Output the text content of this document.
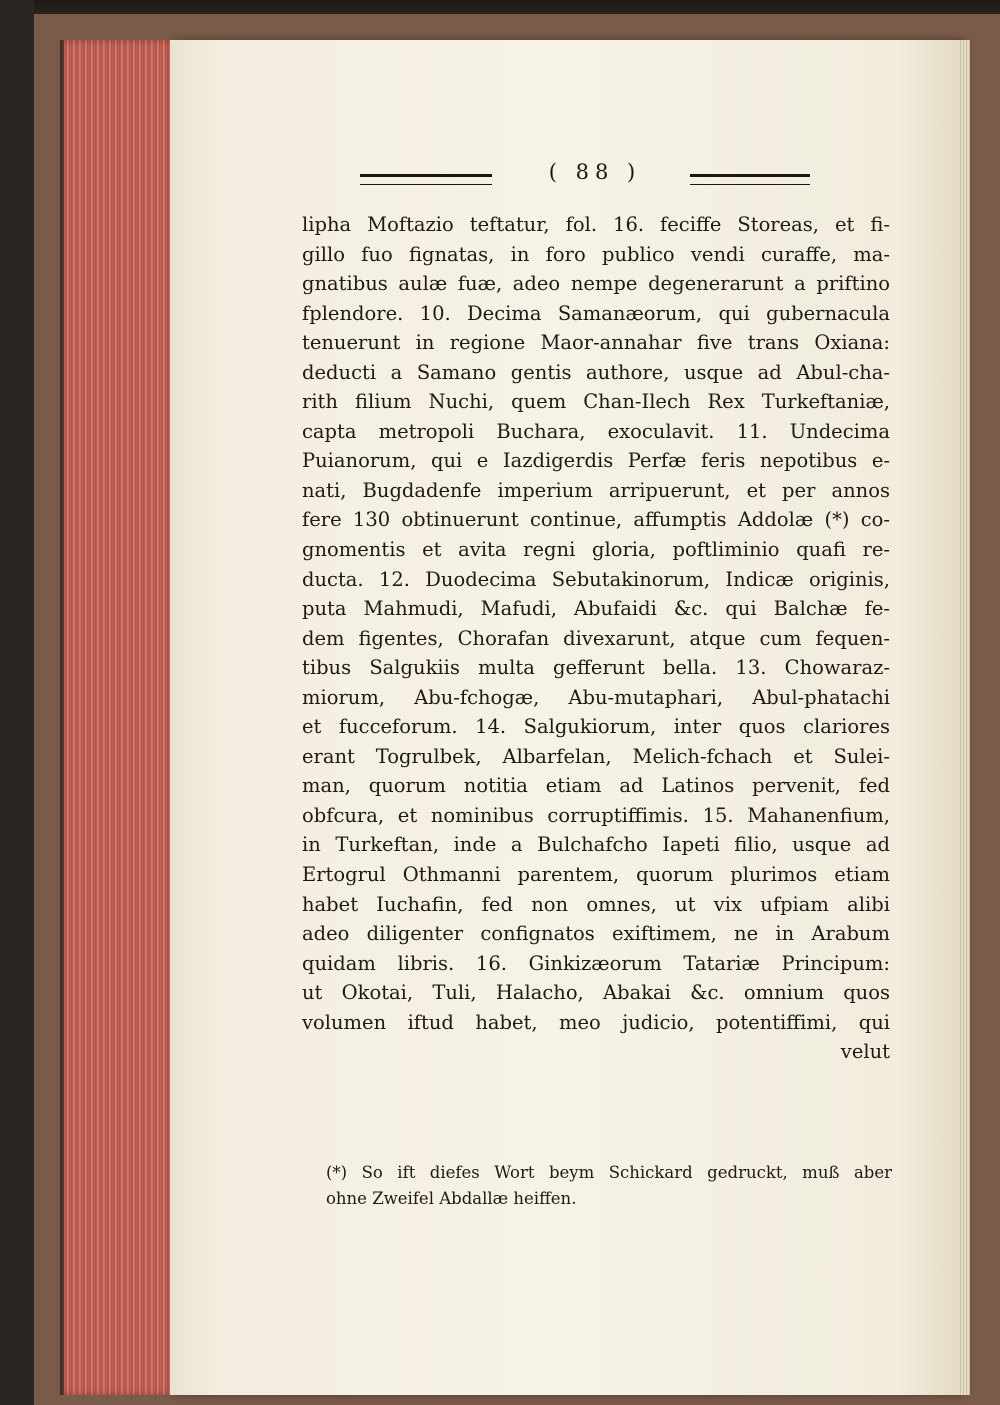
( 88 )
lipha Moftazio teftatur, fol. 16. feciffe Storeas, et fi-
gillo fuo fignatas, in foro publico vendi curaffe, ma-
gnatibus aulæ fuæ, adeo nempe degenerarunt a priftino
fplendore. 10. Decima Samanæorum, qui gubernacula
tenuerunt in regione Maor-annahar five trans Oxiana:
deducti a Samano gentis authore, usque ad Abul-cha-
rith filium Nuchi, quem Chan-Ilech Rex Turkeftaniæ,
capta metropoli Buchara, exoculavit. 11. Undecima
Puianorum, qui e Iazdigerdis Perfæ feris nepotibus e-
nati, Bugdadenfe imperium arripuerunt, et per annos
fere 130 obtinuerunt continue, affumptis Addolæ (*) co-
gnomentis et avita regni gloria, poftliminio quafi re-
ducta. 12. Duodecima Sebutakinorum, Indicæ originis,
puta Mahmudi, Mafudi, Abufaidi &c. qui Balchæ fe-
dem figentes, Chorafan divexarunt, atque cum fequen-
tibus Salgukiis multa gefferunt bella. 13. Chowaraz-
miorum, Abu-fchogæ, Abu-mutaphari, Abul-phatachi
et fucceforum. 14. Salgukiorum, inter quos clariores
erant Togrulbek, Albarfelan, Melich-fchach et Sulei-
man, quorum notitia etiam ad Latinos pervenit, fed
obfcura, et nominibus corruptiffimis. 15. Mahanenfium,
in Turkeftan, inde a Bulchafcho Iapeti filio, usque ad
Ertogrul Othmanni parentem, quorum plurimos etiam
habet Iuchafin, fed non omnes, ut vix ufpiam alibi
adeo diligenter confignatos exiftimem, ne in Arabum
quidam libris. 16. Ginkizæorum Tatariæ Principum:
ut Okotai, Tuli, Halacho, Abakai &c. omnium quos
volumen iftud habet, meo judicio, potentiffimi, qui
velut
(*) So ift diefes Wort beym Schickard gedruckt, muß aber
ohne Zweifel Abdallæ heiffen.
